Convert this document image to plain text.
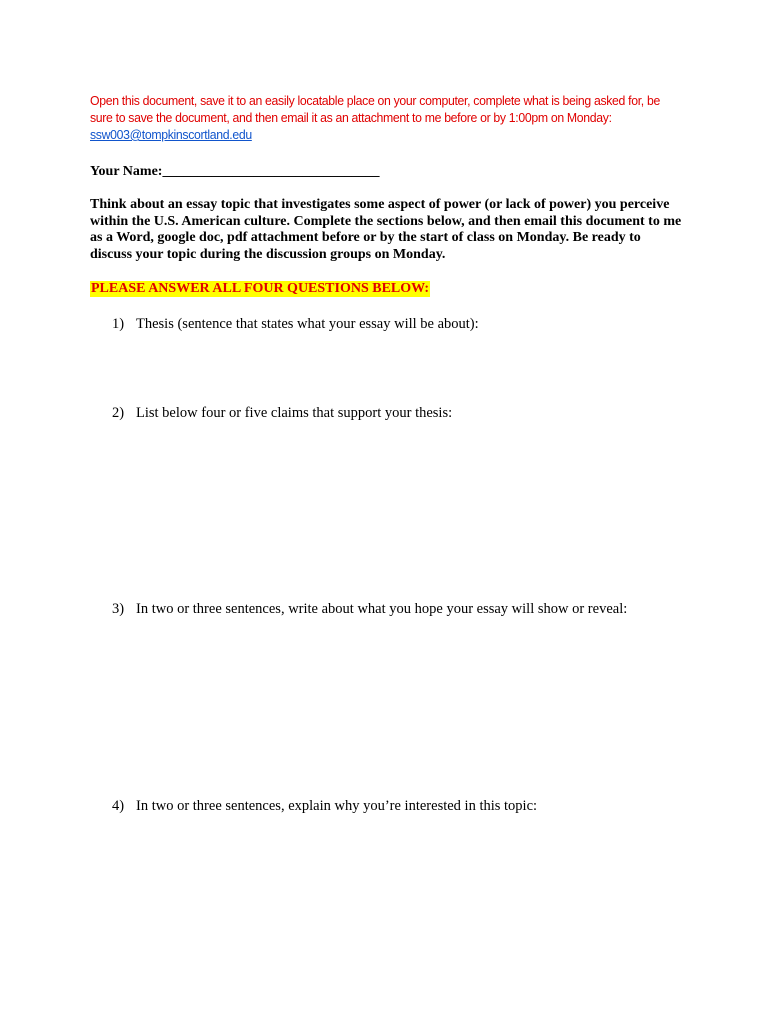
Open this document, save it to an easily locatable place on your computer, complete what is being asked for, be sure to save the document, and then email it as an attachment to me before or by 1:00pm on Monday: ssw003@tompkinscortland.edu
Your Name:_______________________________
Think about an essay topic that investigates some aspect of power (or lack of power) you perceive within the U.S. American culture. Complete the sections below, and then email this document to me as a Word, google doc, pdf attachment before or by the start of class on Monday. Be ready to discuss your topic during the discussion groups on Monday.
PLEASE ANSWER ALL FOUR QUESTIONS BELOW:
1) Thesis (sentence that states what your essay will be about):
2) List below four or five claims that support your thesis:
3) In two or three sentences, write about what you hope your essay will show or reveal:
4) In two or three sentences, explain why you’re interested in this topic:
